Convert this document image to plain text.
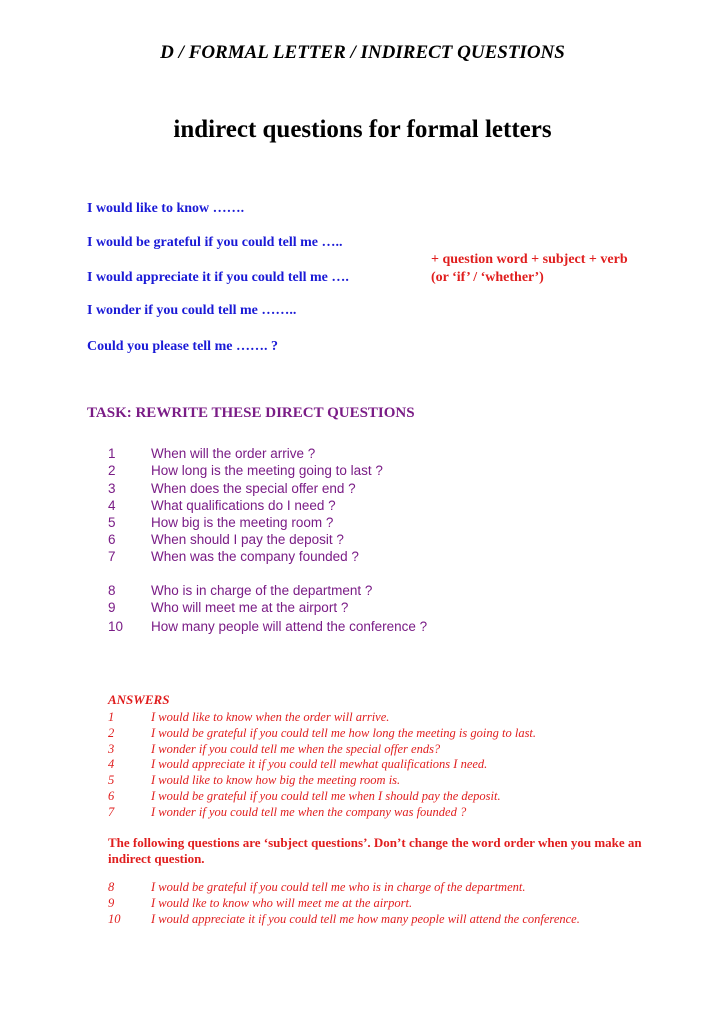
D / FORMAL LETTER / INDIRECT QUESTIONS
indirect questions for formal letters
I would like to know …….
I would be grateful if you could tell me …..
I would appreciate it if you could tell me ….
I wonder if you could tell me ……..
Could you please tell me ……. ?
+ question word + subject + verb
(or ‘if’ / ‘whether’)
TASK: REWRITE THESE DIRECT QUESTIONS
1	When will the order arrive ?
2	How long is the meeting going to last ?
3	When does the special offer end ?
4	What qualifications do I need ?
5	How big is the meeting room ?
6	When should I pay the deposit ?
7	When was the company founded ?
8	Who is in charge of the department ?
9	Who will meet me at the airport ?
10 How many people will attend the conference ?
ANSWERS
1	I would like to know when the order will arrive.
2	I would be grateful if you could tell me how long the meeting is going to last.
3	I wonder if you could tell me when the special offer ends?
4	I would appreciate it if you could tell mewhat qualifications I need.
5	I would like to know how big the meeting room is.
6	I would be grateful if you could tell me when I should pay the deposit.
7	I wonder if you could tell me when the company was founded ?
The following questions are ‘subject questions’. Don’t change the word order when you make an indirect question.
8	I would be grateful if you could tell me who is in charge of the department.
9	I would lke to know who will meet me at the airport.
10 I would appreciate it if you could tell me how many people will attend the conference.
